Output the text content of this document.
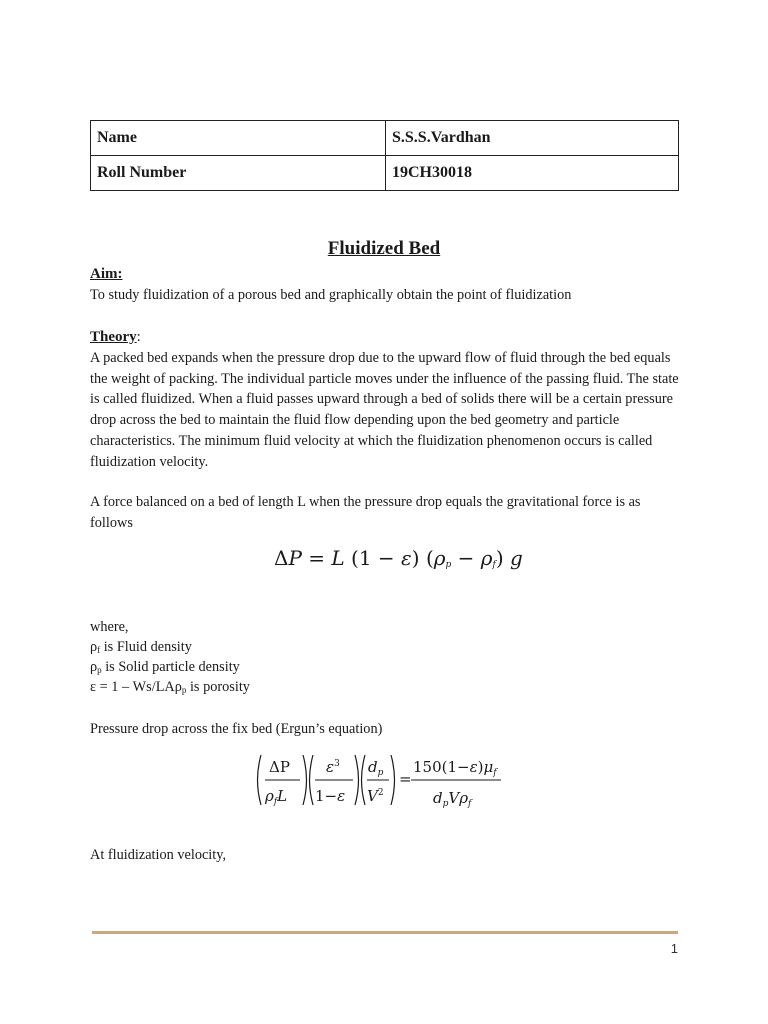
Name	S.S.S.Vardhan
Roll Number	19CH30018
Fluidized Bed
Aim:
To study fluidization of a porous bed and graphically obtain the point of fluidization
Theory:
A packed bed expands when the pressure drop due to the upward flow of fluid through the bed equals the weight of packing. The individual particle moves under the influence of the passing fluid. The state is called fluidized. When a fluid passes upward through a bed of solids there will be a certain pressure drop across the bed to maintain the fluid flow depending upon the bed geometry and particle characteristics. The minimum fluid velocity at which the fluidization phenomenon occurs is called fluidization velocity.
A force balanced on a bed of length L when the pressure drop equals the gravitational force is as follows
ΔP = L (1 − ε) $(\rho_p - \rho_f)$ g
where,
$\rho_f$ is Fluid density
$\rho_p$ is Solid particle density
ε = 1 – Ws/LAρ$_p$ is porosity
Pressure drop across the fix bed (Ergun’s equation)
ΔP
$\rho_fL$
$\varepsilon^3$
1−ε
$d_p$
$V^2$
=
$150(1-\varepsilon)\mu_f$
$d_pV\rho_f$
At fluidization velocity,
1
